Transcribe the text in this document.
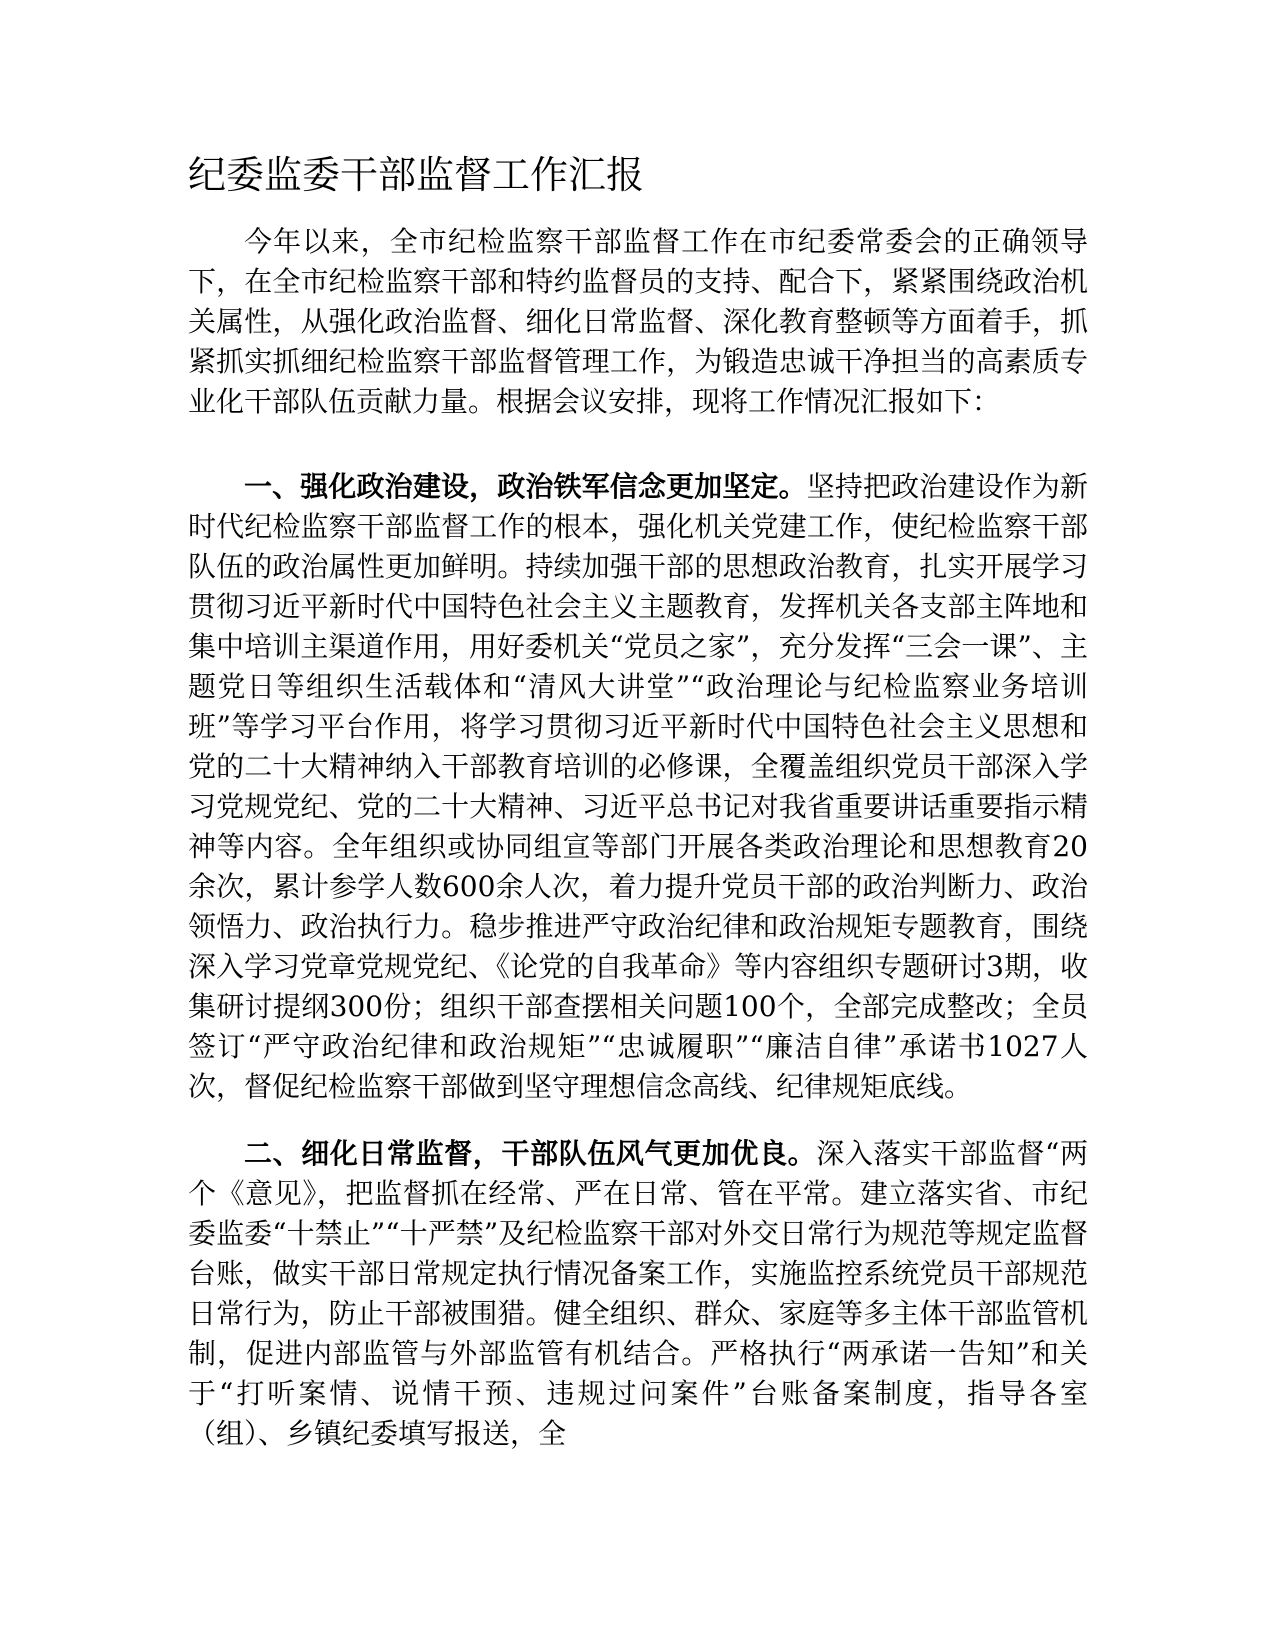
纪委监委干部监督工作汇报

今年以来，全市纪检监察干部监督工作在市纪委常委会的正确领导下，在全市纪检监察干部和特约监督员的支持、配合下，紧紧围绕政治机关属性，从强化政治监督、细化日常监督、深化教育整顿等方面着手，抓紧抓实抓细纪检监察干部监督管理工作，为锻造忠诚干净担当的高素质专业化干部队伍贡献力量。根据会议安排，现将工作情况汇报如下：

一、强化政治建设，政治铁军信念更加坚定。坚持把政治建设作为新时代纪检监察干部监督工作的根本，强化机关党建工作，使纪检监察干部队伍的政治属性更加鲜明。持续加强干部的思想政治教育，扎实开展学习贯彻习近平新时代中国特色社会主义主题教育，发挥机关各支部主阵地和集中培训主渠道作用，用好委机关“党员之家”，充分发挥“三会一课”、主题党日等组织生活载体和“清风大讲堂”“政治理论与纪检监察业务培训班”等学习平台作用，将学习贯彻习近平新时代中国特色社会主义思想和党的二十大精神纳入干部教育培训的必修课，全覆盖组织党员干部深入学习党规党纪、党的二十大精神、习近平总书记对我省重要讲话重要指示精神等内容。全年组织或协同组宣等部门开展各类政治理论和思想教育20余次，累计参学人数600余人次，着力提升党员干部的政治判断力、政治领悟力、政治执行力。稳步推进严守政治纪律和政治规矩专题教育，围绕深入学习党章党规党纪、《论党的自我革命》等内容组织专题研讨3期，收集研讨提纲300份；组织干部查摆相关问题100个，全部完成整改；全员签订“严守政治纪律和政治规矩”“忠诚履职”“廉洁自律”承诺书1027人次，督促纪检监察干部做到坚守理想信念高线、纪律规矩底线。

二、细化日常监督，干部队伍风气更加优良。深入落实干部监督“两个《意见》，把监督抓在经常、严在日常、管在平常。建立落实省、市纪委监委“十禁止”“十严禁”及纪检监察干部对外交日常行为规范等规定监督台账，做实干部日常规定执行情况备案工作，实施监控系统党员干部规范日常行为，防止干部被围猎。健全组织、群众、家庭等多主体干部监管机制，促进内部监管与外部监管有机结合。严格执行“两承诺一告知”和关于“打听案情、说情干预、违规过问案件”台账备案制度，指导各室（组）、乡镇纪委填写报送，全
